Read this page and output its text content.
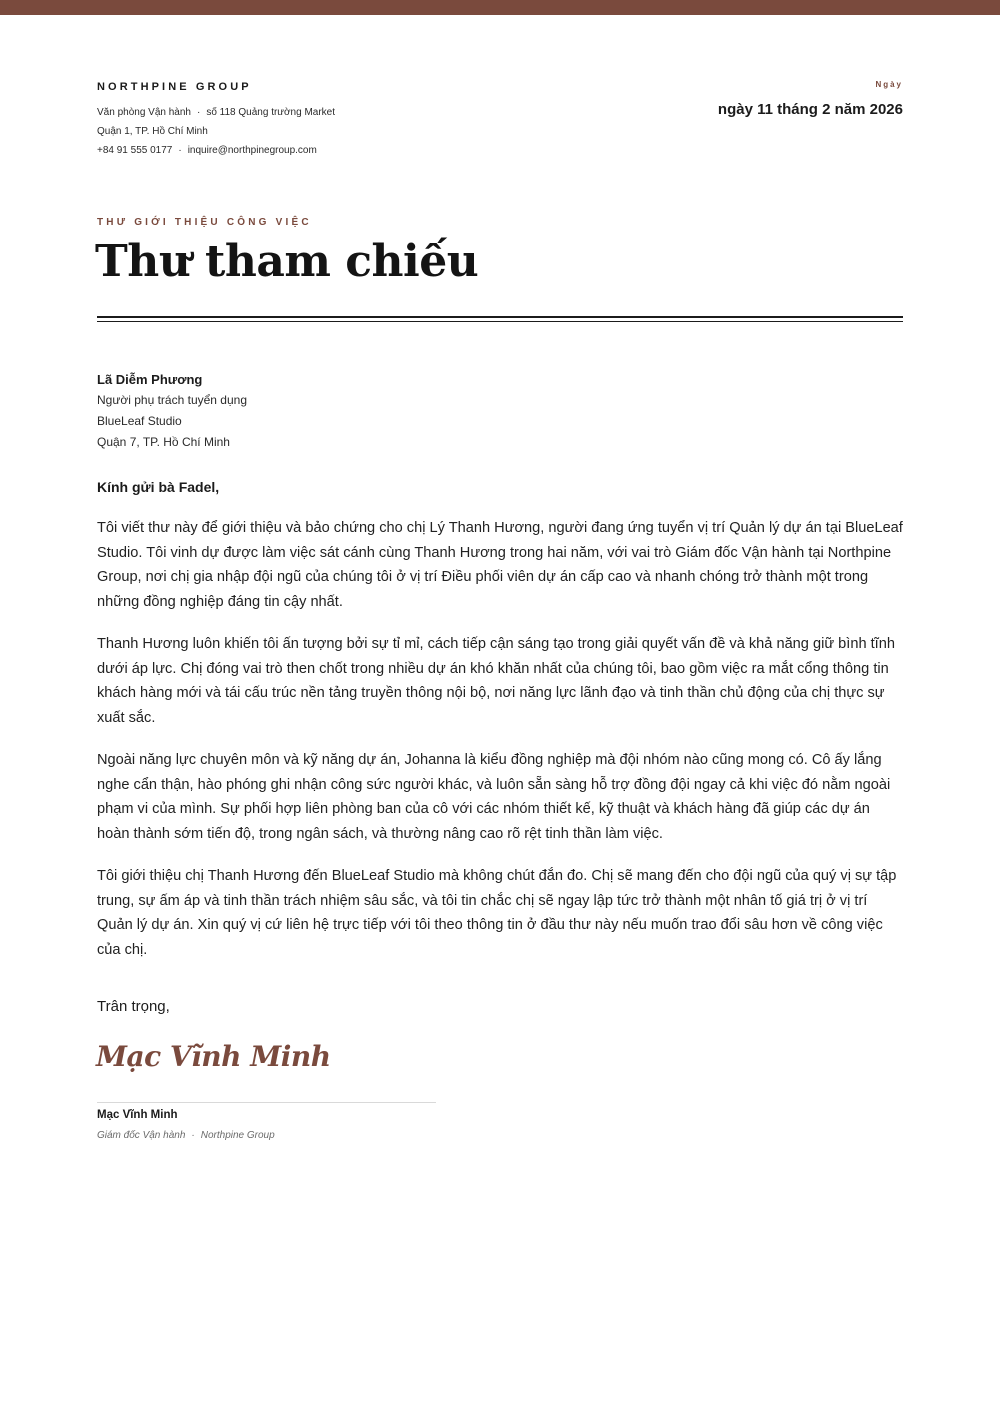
NORTHPINE GROUP
Văn phòng Vận hành · số 118 Quảng trường Market
Quận 1, TP. Hồ Chí Minh
+84 91 555 0177 · inquire@northpinegroup.com
Ngày
ngày 11 tháng 2 năm 2026
THƯ GIỚI THIỆU CÔNG VIỆC
Thư tham chiếu
Lã Diễm Phương
Người phụ trách tuyển dụng
BlueLeaf Studio
Quận 7, TP. Hồ Chí Minh
Kính gửi bà Fadel,

Tôi viết thư này để giới thiệu và bảo chứng cho chị Lý Thanh Hương, người đang ứng tuyển vị trí Quản lý dự án tại BlueLeaf Studio. Tôi vinh dự được làm việc sát cánh cùng Thanh Hương trong hai năm, với vai trò Giám đốc Vận hành tại Northpine Group, nơi chị gia nhập đội ngũ của chúng tôi ở vị trí Điều phối viên dự án cấp cao và nhanh chóng trở thành một trong những đồng nghiệp đáng tin cậy nhất.

Thanh Hương luôn khiến tôi ấn tượng bởi sự tỉ mỉ, cách tiếp cận sáng tạo trong giải quyết vấn đề và khả năng giữ bình tĩnh dưới áp lực. Chị đóng vai trò then chốt trong nhiều dự án khó khăn nhất của chúng tôi, bao gồm việc ra mắt cổng thông tin khách hàng mới và tái cấu trúc nền tảng truyền thông nội bộ, nơi năng lực lãnh đạo và tinh thần chủ động của chị thực sự xuất sắc.

Ngoài năng lực chuyên môn và kỹ năng dự án, Johanna là kiểu đồng nghiệp mà đội nhóm nào cũng mong có. Cô ấy lắng nghe cẩn thận, hào phóng ghi nhận công sức người khác, và luôn sẵn sàng hỗ trợ đồng đội ngay cả khi việc đó nằm ngoài phạm vi của mình. Sự phối hợp liên phòng ban của cô với các nhóm thiết kế, kỹ thuật và khách hàng đã giúp các dự án hoàn thành sớm tiến độ, trong ngân sách, và thường nâng cao rõ rệt tinh thần làm việc.

Tôi giới thiệu chị Thanh Hương đến BlueLeaf Studio mà không chút đắn đo. Chị sẽ mang đến cho đội ngũ của quý vị sự tập trung, sự ấm áp và tinh thần trách nhiệm sâu sắc, và tôi tin chắc chị sẽ ngay lập tức trở thành một nhân tố giá trị ở vị trí Quản lý dự án. Xin quý vị cứ liên hệ trực tiếp với tôi theo thông tin ở đầu thư này nếu muốn trao đổi sâu hơn về công việc của chị.

Trân trọng,
Mạc Vĩnh Minh
Mạc Vĩnh Minh
Giám đốc Vận hành · Northpine Group
